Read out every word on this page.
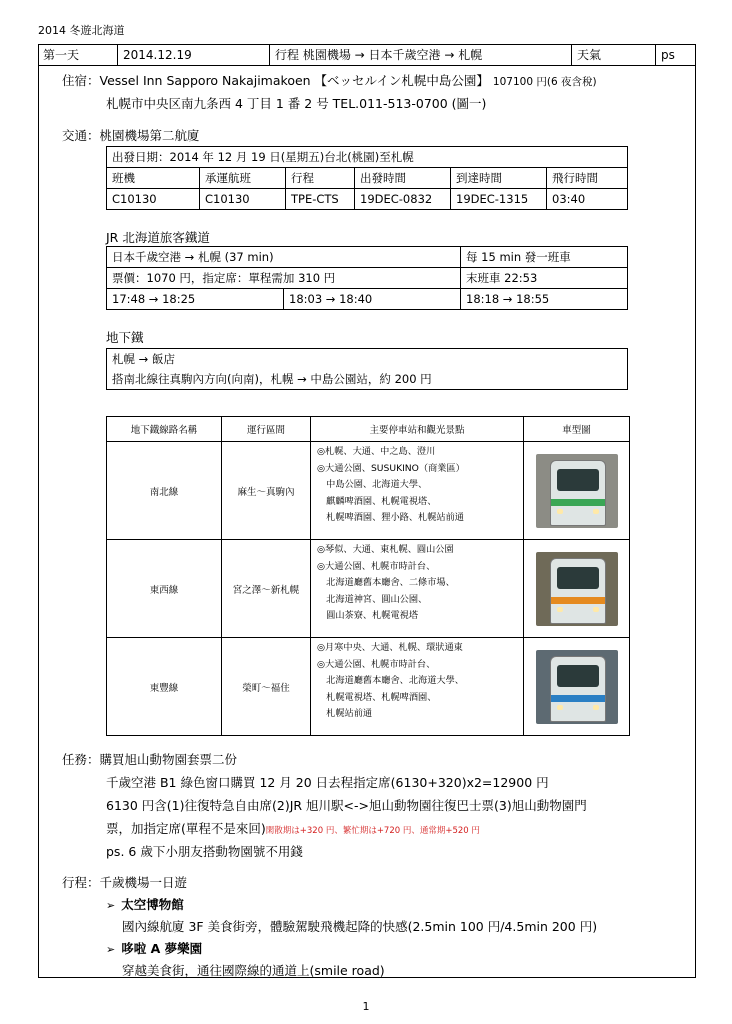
2014 冬遊北海道
第一天	2014.12.19	行程 桃園機場 → 日本千歲空港 → 札幌	天氣	ps
住宿：Vessel Inn Sapporo Nakajimakoen 【ベッセルイン札幌中島公園】 107100 円(6 夜含稅)
札幌市中央区南九条西 4 丁目 1 番 2 号 TEL.011-513-0700 (圖一)
交通：桃園機場第二航廈
出發日期：2014 年 12 月 19 日(星期五)台北(桃園)至札幌					
班機	承運航班	行程	出發時間	到達時間	飛行時間
C10130	C10130	TPE-CTS	19DEC-0832	19DEC-1315	03:40
JR 北海道旅客鐵道
日本千歲空港 → 札幌 (37 min)		每 15 min 發一班車
票價：1070 円，指定席：單程需加 310 円		末班車 22:53
17:48 → 18:25	18:03 → 18:40	18:18 → 18:55
地下鐵
札幌 → 飯店
搭南北線往真駒內方向(向南)，札幌 → 中島公園站，約 200 円
地下鐵線路名稱	運行區間	主要停車站和觀光景點	車型圖
南北線	麻生～真駒內	◎札幌、大通、中之島、澄川
◎大通公園、SUSUKINO（商業區）
　中島公園、北海道大學、
　麒麟啤酒園、札幌電視塔、
　札幌啤酒園、狸小路、札幌站前通	

東西線	宮之澤～新札幌	◎琴似、大通、東札幌、圓山公園
◎大通公園、札幌市時計台、
　北海道廳舊本廳舍、二條市場、
　北海道神宮、圓山公園、
　圓山茶寮、札幌電視塔	

東豐線	榮町～福住	◎月寒中央、大通、札幌、環狀通東
◎大通公園、札幌市時計台、
　北海道廳舊本廳舍、北海道大學、
　札幌電視塔、札幌啤酒園、
　札幌站前通	

任務：購買旭山動物園套票二份
千歲空港 B1 綠色窗口購買 12 月 20 日去程指定席(6130+320)x2=12900 円
6130 円含(1)往復特急自由席(2)JR 旭川駅<->旭山動物園往復巴士票(3)旭山動物園門
票，加指定席(單程不是來回)閑散期は+320 円、繁忙期は+720 円、通常期+520 円
ps. 6 歲下小朋友搭動物園號不用錢
行程：千歲機場一日遊
➢ 太空博物館
國內線航廈 3F 美食街旁，體驗駕駛飛機起降的快感(2.5min 100 円/4.5min 200 円)
➢ 哆啦 A 夢樂園
穿越美食街，通往國際線的通道上(smile road)
1
